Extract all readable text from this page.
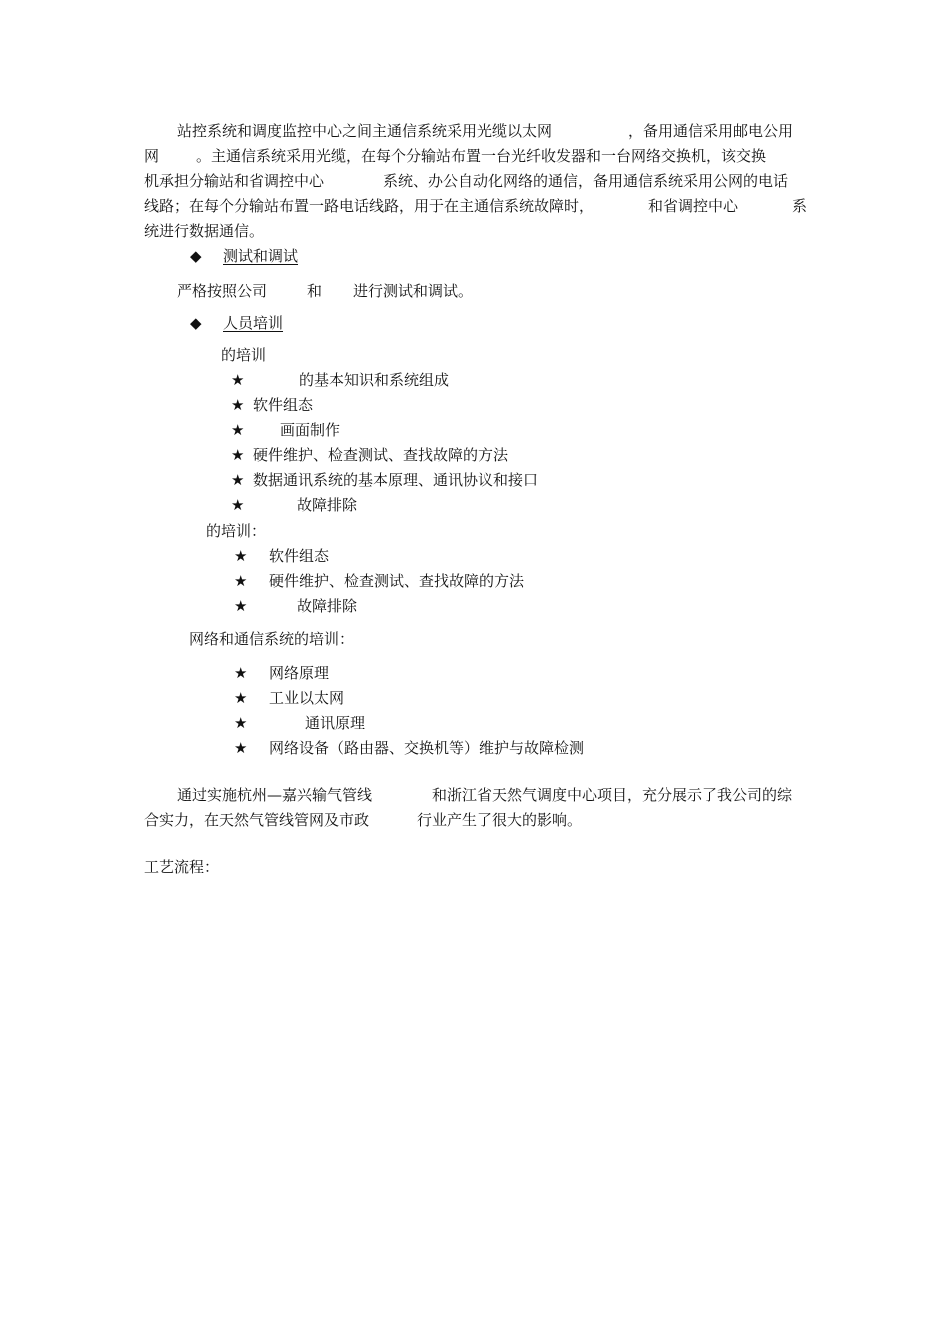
站控系统和调度监控中心之间主通信系统采用光缆以太网	，备用通信采用邮电公用
网 。主通信系统采用光缆，在每个分输站布置一台光纤收发器和一台网络交换机，该交换
机承担分输站和省调控中心	系统、办公自动化网络的通信，备用通信系统采用公网的电话
线路；在每个分输站布置一路电话线路，用于在主通信系统故障时，	和省调控中心	系
统进行数据通信。
◆ 测试和调试
严格按照公司	和 进行测试和调试。
◆ 人员培训
的培训
★	的基本知识和系统组成
★ 软件组态
★ 画面制作
★ 硬件维护、检查测试、查找故障的方法
★ 数据通讯系统的基本原理、通讯协议和接口
★	故障排除
的培训：
★ 软件组态
★ 硬件维护、检查测试、查找故障的方法
★	故障排除
网络和通信系统的培训：
★ 网络原理
★ 工业以太网
★	通讯原理
★ 网络设备（路由器、交换机等）维护与故障检测
通过实施杭州—嘉兴输气管线	和浙江省天然气调度中心项目，充分展示了我公司的综
合实力，在天然气管线管网及市政	行业产生了很大的影响。
工艺流程：
